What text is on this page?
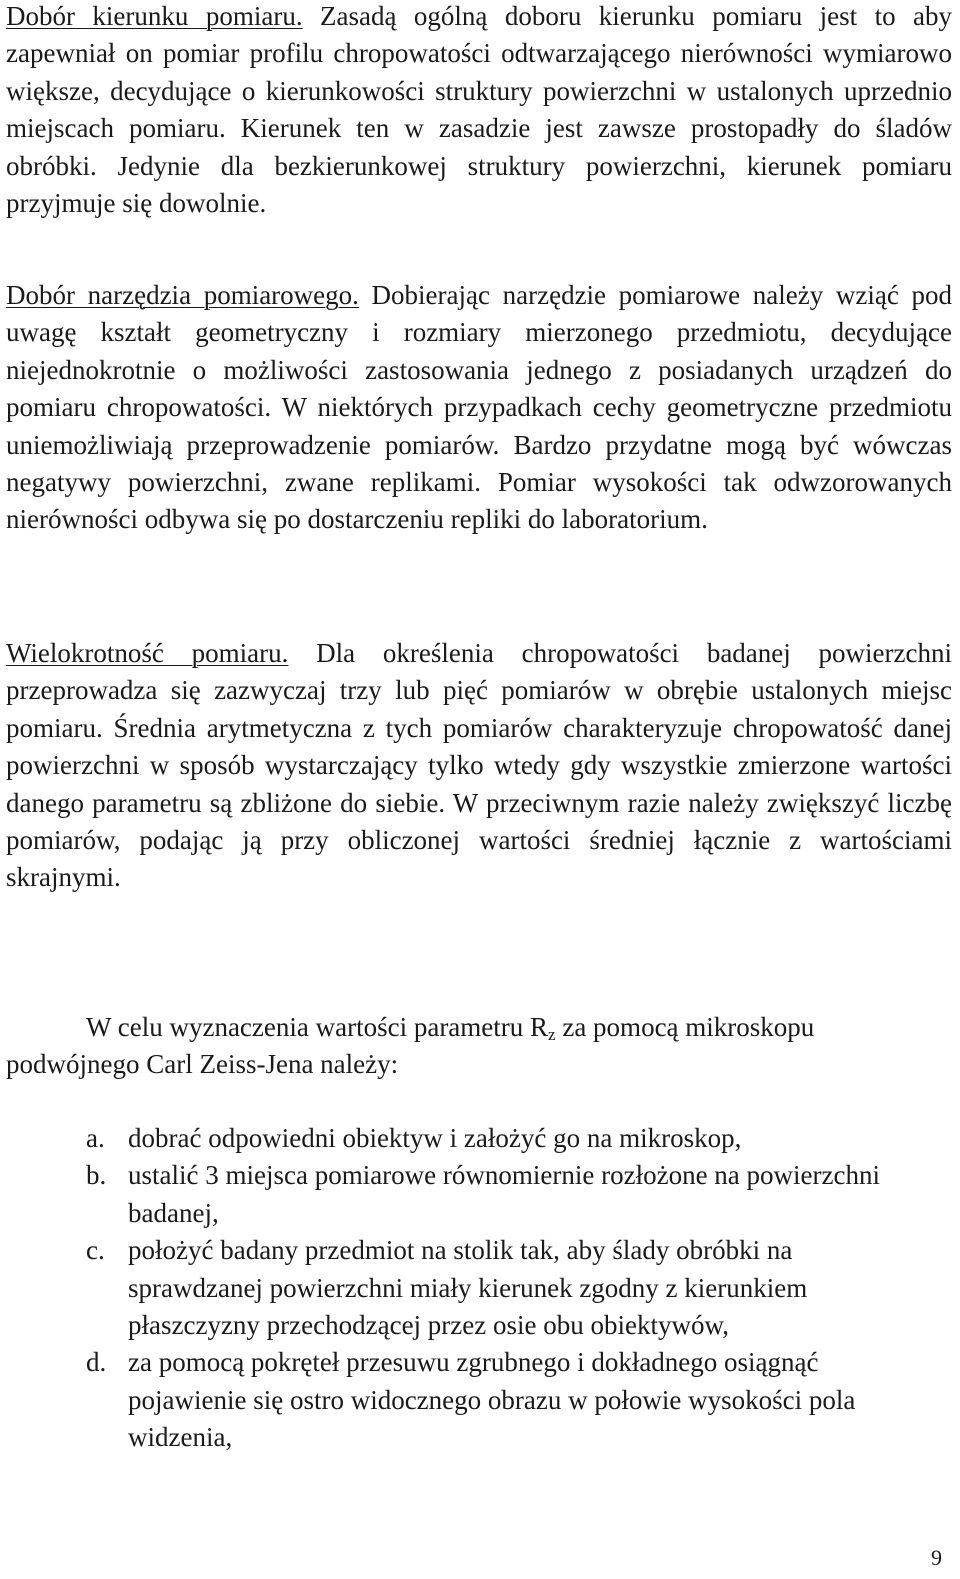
Dobór kierunku pomiaru. Zasadą ogólną doboru kierunku pomiaru jest to aby zapewniał on pomiar profilu chropowatości odtwarzającego nierówności wymiarowo większe, decydujące o kierunkowości struktury powierzchni w ustalonych uprzednio miejscach pomiaru. Kierunek ten w zasadzie jest zawsze prostopadły do śladów obróbki. Jedynie dla bezkierunkowej struktury powierzchni, kierunek pomiaru przyjmuje się dowolnie.

Dobór narzędzia pomiarowego. Dobierając narzędzie pomiarowe należy wziąć pod uwagę kształt geometryczny i rozmiary mierzonego przedmiotu, decydujące niejednokrotnie o możliwości zastosowania jednego z posiadanych urządzeń do pomiaru chropowatości. W niektórych przypadkach cechy geometryczne przedmiotu uniemożliwiają przeprowadzenie pomiarów. Bardzo przydatne mogą być wówczas negatywy powierzchni, zwane replikami. Pomiar wysokości tak odwzorowanych nierówności odbywa się po dostarczeniu repliki do laboratorium.

Wielokrotność pomiaru. Dla określenia chropowatości badanej powierzchni przeprowadza się zazwyczaj trzy lub pięć pomiarów w obrębie ustalonych miejsc pomiaru. Średnia arytmetyczna z tych pomiarów charakteryzuje chropowatość danej powierzchni w sposób wystarczający tylko wtedy gdy wszystkie zmierzone wartości danego parametru są zbliżone do siebie. W przeciwnym razie należy zwiększyć liczbę pomiarów, podając ją przy obliczonej wartości średniej łącznie z wartościami skrajnymi.

W celu wyznaczenia wartości parametru $R_z$ za pomocą mikroskopu podwójnego Carl Zeiss-Jena należy:

a. dobrać odpowiedni obiektyw i założyć go na mikroskop,
b. ustalić 3 miejsca pomiarowe równomiernie rozłożone na powierzchni badanej,
c. położyć badany przedmiot na stolik tak, aby ślady obróbki na sprawdzanej powierzchni miały kierunek zgodny z kierunkiem płaszczyzny przechodzącej przez osie obu obiektywów,
d. za pomocą pokręteł przesuwu zgrubnego i dokładnego osiągnąć pojawienie się ostro widocznego obrazu w połowie wysokości pola widzenia,
9
